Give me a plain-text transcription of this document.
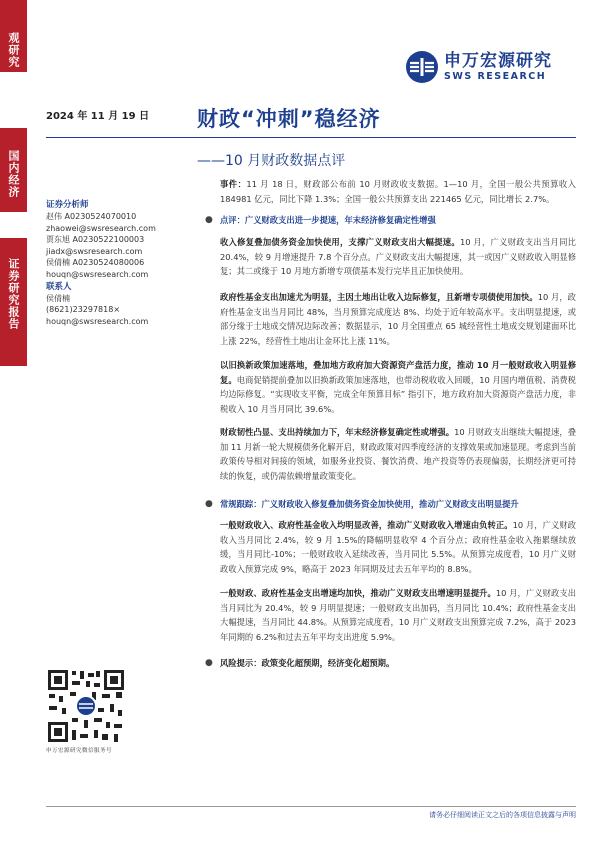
观研究
国内经济
证券研究报告
申万宏源研究
SWS RESEARCH
2024 年 11 月 19 日 财政“冲刺”稳经济
——10 月财政数据点评
证券分析师
赵伟 A0230524070010
zhaowei@swsresearch.com
贾东旭 A0230522100003
jiadx@swsresearch.com
侯倩楠 A0230524080006
houqn@swsresearch.com
联系人
侯倩楠
(8621)23297818×
houqn@swsresearch.com
申万宏源研究微信服务号
事件：11 月 18 日，财政部公布前 10 月财政收支数据。1—10 月，全国一般公共预算收入 184981 亿元，同比下降 1.3%；全国一般公共预算支出 221465 亿元，同比增长 2.7%。
● 点评：广义财政支出进一步提速，年末经济修复确定性增强
收入修复叠加债务资金加快使用，支撑广义财政支出大幅提速。10 月，广义财政支出当月同比 20.4%，较 9 月增速提升 7.8 个百分点。广义财政支出大幅提速，其一或因广义财政收入明显修复；其二或缘于 10 月地方新增专项债基本发行完毕且正加快使用。
政府性基金支出加速尤为明显，主因土地出让收入边际修复，且新增专项债使用加快。10 月，政府性基金支出当月同比 48%，当月预算完成度达 8%、均处于近年较高水平。支出明显提速，或部分缘于土地成交情况边际改善；数据显示，10 月全国重点 65 城经营性土地成交规划建面环比上涨 22%，经营性土地出让金环比上涨 11%。
以旧换新政策加速落地，叠加地方政府加大资源资产盘活力度，推动 10 月一般财政收入明显修复。电商促销提前叠加以旧换新政策加速落地，也带动税收收入回暖，10 月国内增值税、消费税均边际修复。“实现收支平衡，完成全年预算目标” 指引下，地方政府加大资源资产盘活力度，非税收入 10 月当月同比 39.6%。
财政韧性凸显、支出持续加力下，年末经济修复确定性或增强。10 月财政支出继续大幅提速，叠加 11 月新一轮大规模债务化解开启，财政政策对四季度经济的支撑效果或加速显现。考虑到当前政策传导相对间接的领域，如服务业投资、餐饮消费、地产投资等仍表现偏弱，长期经济更可持续的恢复，或仍需依赖增量政策变化。
● 常规跟踪：广义财政收入修复叠加债务资金加快使用，推动广义财政支出明显提升
一般财政收入、政府性基金收入均明显改善，推动广义财政收入增速由负转正。10 月，广义财政收入当月同比 2.4%，较 9 月 1.5%的降幅明显收窄 4 个百分点；政府性基金收入拖累继续放缓，当月同比-10%；一般财政收入延续改善，当月同比 5.5%。从预算完成度看，10 月广义财政收入预算完成 9%，略高于 2023 年同期及过去五年平均的 8.8%。
一般财政、政府性基金支出增速均加快，推动广义财政支出增速明显提升。10 月，广义财政支出当月同比为 20.4%，较 9 月明显提速；一般财政支出加码，当月同比 10.4%；政府性基金支出大幅提速，当月同比 44.8%。从预算完成度看，10 月广义财政支出预算完成 7.2%，高于 2023 年同期的 6.2%和过去五年平均支出进度 5.9%。
● 风险提示：政策变化超预期，经济变化超预期。
请务必仔细阅读正文之后的各项信息披露与声明
